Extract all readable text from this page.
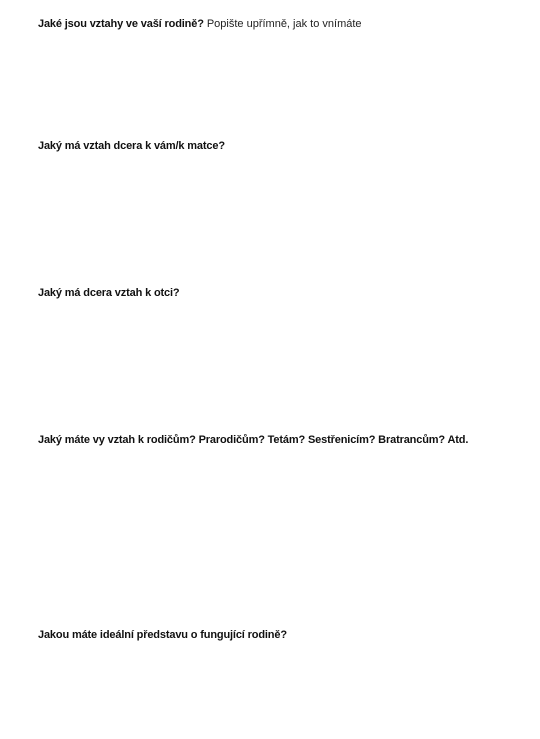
Jaké jsou vztahy ve vaší rodině? Popište upřímně, jak to vnímáte
Jaký má vztah dcera k vám/k matce?
Jaký má dcera vztah k otci?
Jaký máte vy vztah k rodičům? Prarodičům? Tetám? Sestřenicím? Bratrancům? Atd.
Jakou máte ideální představu o fungující rodině?
